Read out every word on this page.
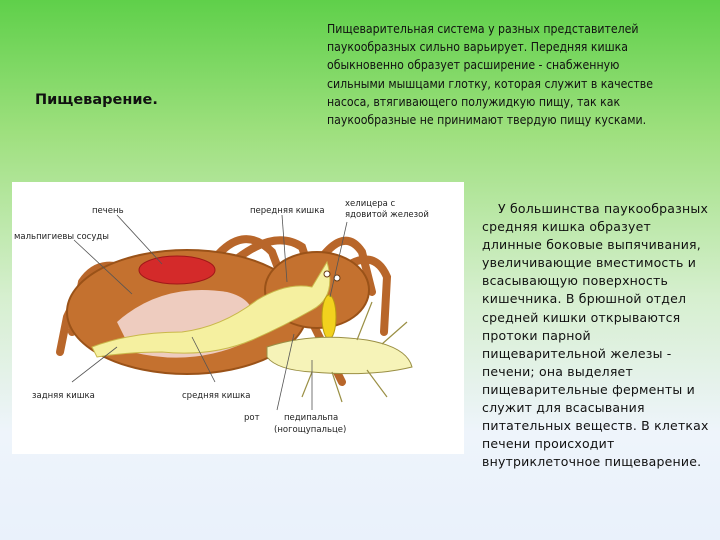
Пищеварение.
Пищеварительная система у разных представителей паукообразных сильно варьирует. Передняя кишка обыкновенно образует расширение - снабженную сильными мышцами глотку, которая служит в качестве насоса, втягивающего полужидкую пищу, так как паукообразные не принимают твердую пищу кусками.
печень
мальпигиевы сосуды
передняя кишка
хелицера с
ядовитой железой
задняя кишка	средняя кишка
рот	педипальпа
(ногощупальце)
У большинства паукообразных средняя кишка образует длинные боковые выпячивания, увеличивающие вместимость и всасывающую поверхность кишечника. В брюшной отдел средней кишки открываются протоки парной пищеварительной железы - печени; она выделяет пищеварительные ферменты и служит для всасывания питательных веществ. В клетках печени происходит внутриклеточное пищеварение.
